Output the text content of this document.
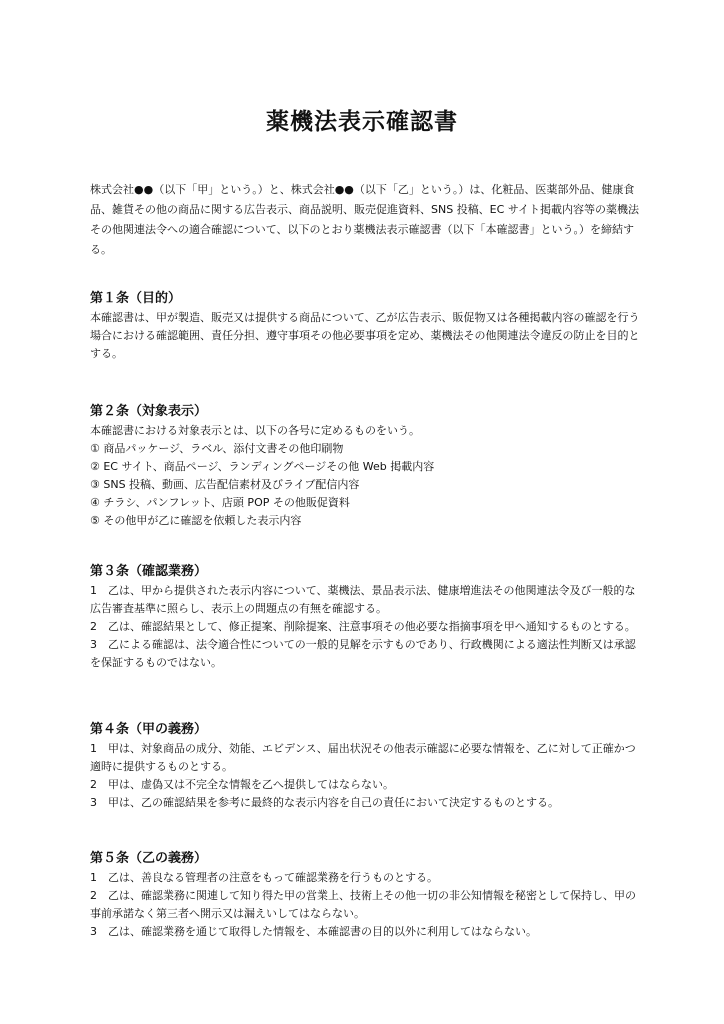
薬機法表示確認書

株式会社●●（以下「甲」という。）と、株式会社●●（以下「乙」という。）は、化粧品、医薬部外品、健康食品、雑貨その他の商品に関する広告表示、商品説明、販売促進資料、SNS 投稿、EC サイト掲載内容等の薬機法その他関連法令への適合確認について、以下のとおり薬機法表示確認書（以下「本確認書」という。）を締結する。

第１条（目的）

本確認書は、甲が製造、販売又は提供する商品について、乙が広告表示、販促物又は各種掲載内容の確認を行う場合における確認範囲、責任分担、遵守事項その他必要事項を定め、薬機法その他関連法令違反の防止を目的とする。

第２条（対象表示）

本確認書における対象表示とは、以下の各号に定めるものをいう。

① 商品パッケージ、ラベル、添付文書その他印刷物

② EC サイト、商品ページ、ランディングページその他 Web 掲載内容

③ SNS 投稿、動画、広告配信素材及びライブ配信内容

④ チラシ、パンフレット、店頭 POP その他販促資料

⑤ その他甲が乙に確認を依頼した表示内容

第３条（確認業務）

1　乙は、甲から提供された表示内容について、薬機法、景品表示法、健康増進法その他関連法令及び一般的な広告審査基準に照らし、表示上の問題点の有無を確認する。

2　乙は、確認結果として、修正提案、削除提案、注意事項その他必要な指摘事項を甲へ通知するものとする。

3　乙による確認は、法令適合性についての一般的見解を示すものであり、行政機関による適法性判断又は承認を保証するものではない。

第４条（甲の義務）

1　甲は、対象商品の成分、効能、エビデンス、届出状況その他表示確認に必要な情報を、乙に対して正確かつ適時に提供するものとする。

2　甲は、虚偽又は不完全な情報を乙へ提供してはならない。

3　甲は、乙の確認結果を参考に最終的な表示内容を自己の責任において決定するものとする。

第５条（乙の義務）

1　乙は、善良なる管理者の注意をもって確認業務を行うものとする。

2　乙は、確認業務に関連して知り得た甲の営業上、技術上その他一切の非公知情報を秘密として保持し、甲の事前承諾なく第三者へ開示又は漏えいしてはならない。

3　乙は、確認業務を通じて取得した情報を、本確認書の目的以外に利用してはならない。
